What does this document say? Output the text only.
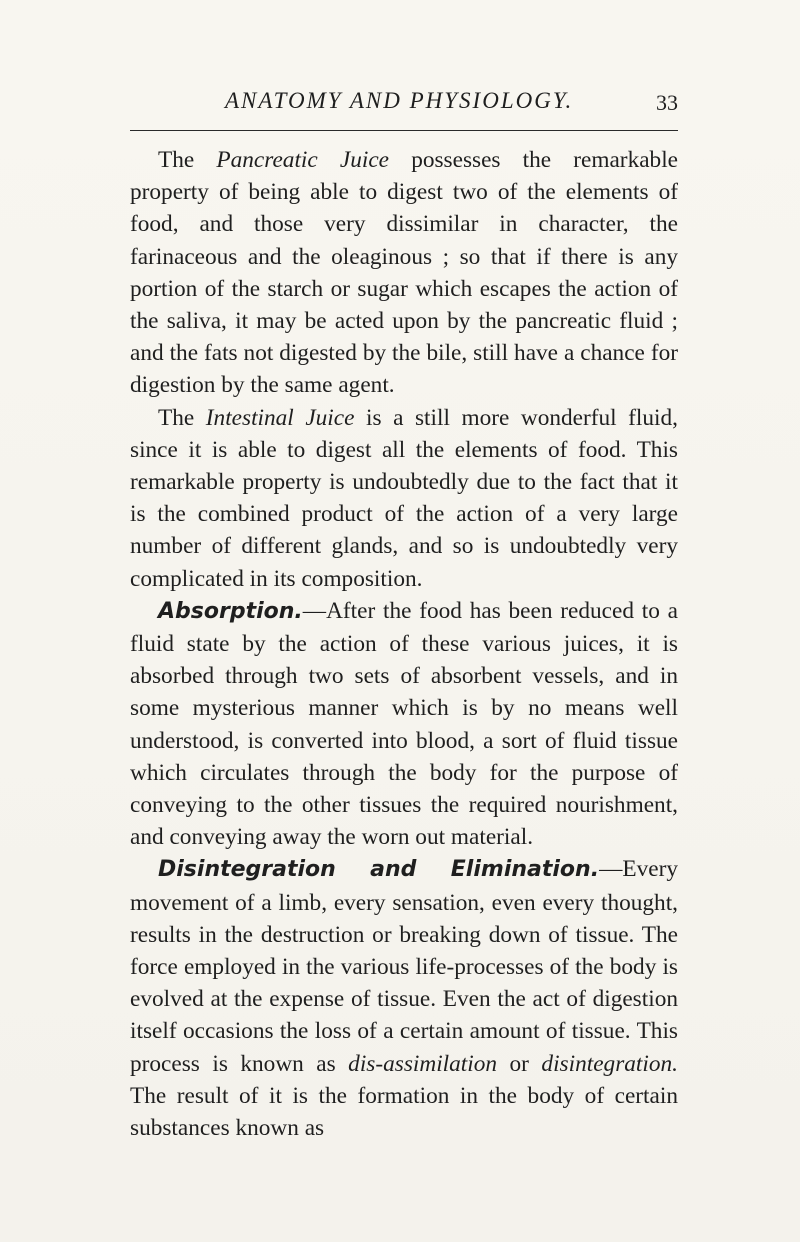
ANATOMY AND PHYSIOLOGY.	33

The Pancreatic Juice possesses the remarkable property of being able to digest two of the elements of food, and those very dissimilar in character, the farinaceous and the oleaginous ; so that if there is any portion of the starch or sugar which escapes the action of the saliva, it may be acted upon by the pancreatic fluid ; and the fats not digested by the bile, still have a chance for digestion by the same agent.

The Intestinal Juice is a still more wonderful fluid, since it is able to digest all the elements of food. This remarkable property is undoubtedly due to the fact that it is the combined product of the action of a very large number of different glands, and so is undoubtedly very complicated in its composition.

Absorption.—After the food has been reduced to a fluid state by the action of these various juices, it is absorbed through two sets of absorbent vessels, and in some mysterious manner which is by no means well understood, is converted into blood, a sort of fluid tissue which circulates through the body for the purpose of conveying to the other tissues the required nourishment, and conveying away the worn out material.

Disintegration and Elimination.—Every movement of a limb, every sensation, even every thought, results in the destruction or breaking down of tissue. The force employed in the various life-processes of the body is evolved at the expense of tissue. Even the act of digestion itself occasions the loss of a certain amount of tissue. This process is known as dis-assimilation or disintegration. The result of it is the formation in the body of certain substances known as
